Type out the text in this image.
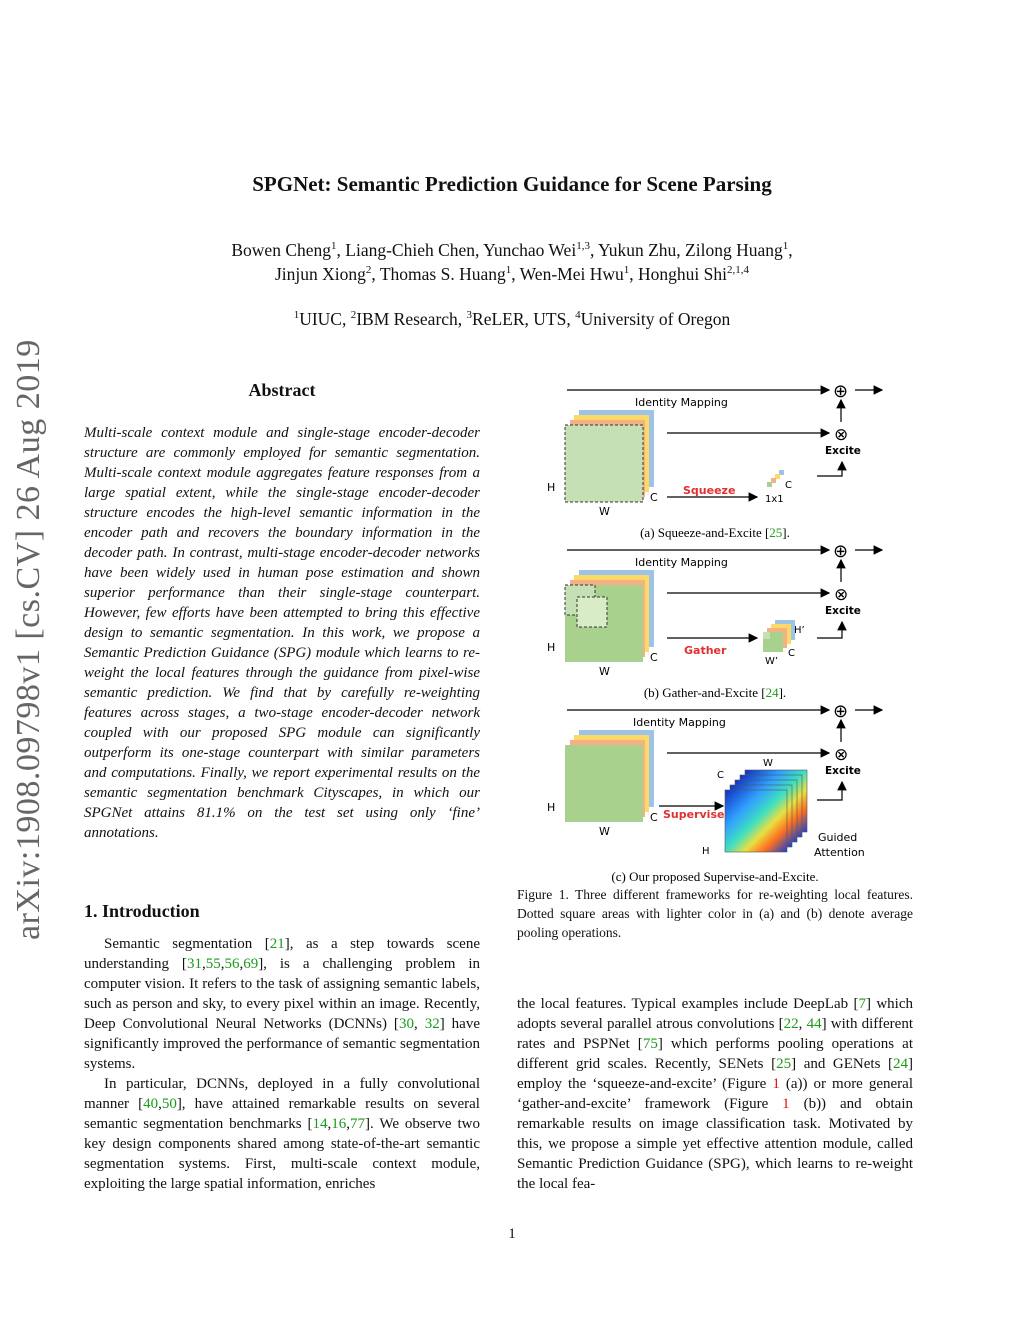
arXiv:1908.09798v1 [cs.CV] 26 Aug 2019
SPGNet: Semantic Prediction Guidance for Scene Parsing
Bowen Cheng$^1$, Liang-Chieh Chen, Yunchao Wei$^{1,3}$, Yukun Zhu, Zilong Huang$^1$,
Jinjun Xiong$^2$, Thomas S. Huang$^1$, Wen-Mei Hwu$^1$, Honghui Shi$^{2,1,4}$
$^1$UIUC, $^2$IBM Research, $^3$ReLER, UTS, $^4$University of Oregon
Abstract
Multi-scale context module and single-stage encoder-decoder structure are commonly employed for semantic segmentation. Multi-scale context module aggregates feature responses from a large spatial extent, while the single-stage encoder-decoder structure encodes the high-level semantic information in the encoder path and recovers the boundary information in the decoder path. In contrast, multi-stage encoder-decoder networks have been widely used in human pose estimation and shown superior performance than their single-stage counterpart. However, few efforts have been attempted to bring this effective design to semantic segmentation. In this work, we propose a Semantic Prediction Guidance (SPG) module which learns to re-weight the local features through the guidance from pixel-wise semantic prediction. We find that by carefully re-weighting features across stages, a two-stage encoder-decoder network coupled with our proposed SPG module can significantly outperform its one-stage counterpart with similar parameters and computations. Finally, we report experimental results on the semantic segmentation benchmark Cityscapes, in which our SPGNet attains 81.1% on the test set using only ‘fine’ annotations.
1. Introduction

Semantic segmentation [21], as a step towards scene understanding [31,55,56,69], is a challenging problem in computer vision. It refers to the task of assigning semantic labels, such as person and sky, to every pixel within an image. Recently, Deep Convolutional Neural Networks (DCNNs) [30, 32] have significantly improved the performance of semantic segmentation systems.

In particular, DCNNs, deployed in a fully convolutional manner [40,50], have attained remarkable results on several semantic segmentation benchmarks [14,16,77]. We observe two key design components shared among state-of-the-art semantic segmentation systems. First, multi-scale context module, exploiting the large spatial information, enriches

the local features. Typical examples include DeepLab [7] which adopts several parallel atrous convolutions [22, 44] with different rates and PSPNet [75] which performs pooling operations at different grid scales. Recently, SENets [25] and GENets [24] employ the ‘squeeze-and-excite’ (Figure 1 (a)) or more general ‘gather-and-excite’ framework (Figure 1 (b)) and obtain remarkable results on image classification task. Motivated by this, we propose a simple yet effective attention module, called Semantic Prediction Guidance (SPG), which learns to re-weight the local fea-

Identity Mapping
⊕
⊗
Excite
H
W
C
Squeeze	C
1x1
(a) Squeeze-and-Excite [25].
Identity Mapping
⊕
⊗
Excite
H
W
C
Gather
H’
W’
C
(b) Gather-and-Excite [24].
Identity Mapping
⊕
⊗
Excite
H
W
C Supervise
W
C
H
Guided
Attention
(c) Our proposed Supervise-and-Excite.
Figure 1. Three different frameworks for re-weighting local features. Dotted square areas with lighter color in (a) and (b) denote average pooling operations.
1
